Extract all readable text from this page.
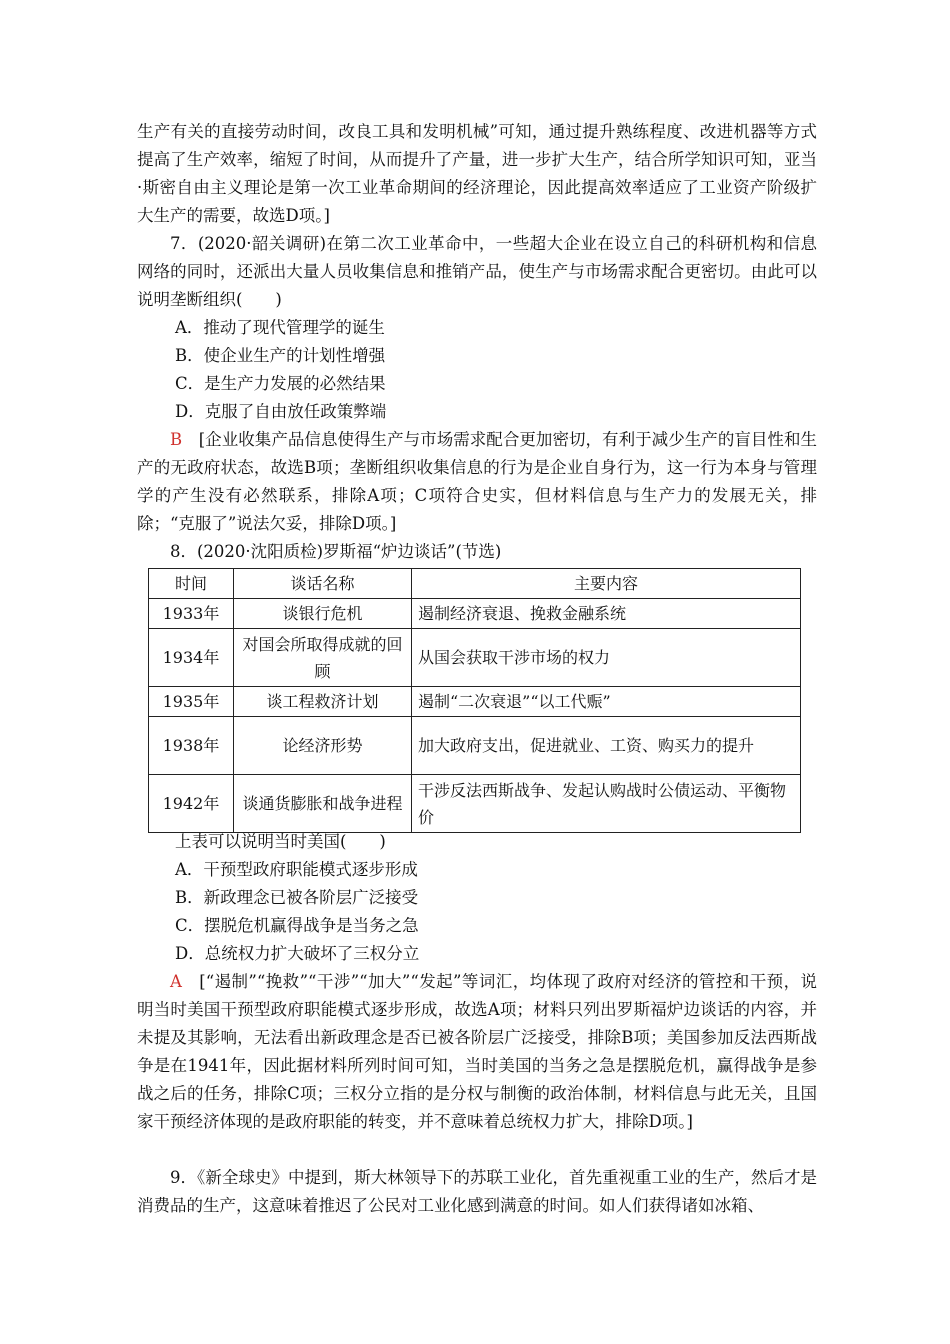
生产有关的直接劳动时间，改良工具和发明机械”可知，通过提升熟练程度、改进机器等方式提高了生产效率，缩短了时间，从而提升了产量，进一步扩大生产，结合所学知识可知，亚当·斯密自由主义理论是第一次工业革命期间的经济理论，因此提高效率适应了工业资产阶级扩大生产的需要，故选D项。]

7．(2020·韶关调研)在第二次工业革命中，一些超大企业在设立自己的科研机构和信息网络的同时，还派出大量人员收集信息和推销产品，使生产与市场需求配合更密切。由此可以说明垄断组织(　　)

A．推动了现代管理学的诞生

B．使企业生产的计划性增强

C．是生产力发展的必然结果

D．克服了自由放任政策弊端

B　[企业收集产品信息使得生产与市场需求配合更加密切，有利于减少生产的盲目性和生产的无政府状态，故选B项；垄断组织收集信息的行为是企业自身行为，这一行为本身与管理学的产生没有必然联系，排除A项；C项符合史实，但材料信息与生产力的发展无关，排除；“克服了”说法欠妥，排除D项。]

8．(2020·沈阳质检)罗斯福“炉边谈话”(节选)

时间	谈话名称	主要内容
1933年	谈银行危机	遏制经济衰退、挽救金融系统
1934年	对国会所取得成就的回顾	从国会获取干涉市场的权力
1935年	谈工程救济计划	遏制“二次衰退”“以工代赈”
1938年	论经济形势	加大政府支出，促进就业、工资、购买力的提升
1942年	谈通货膨胀和战争进程	干涉反法西斯战争、发起认购战时公债运动、平衡物价

上表可以说明当时美国(　　)

A．干预型政府职能模式逐步形成

B．新政理念已被各阶层广泛接受

C．摆脱危机赢得战争是当务之急

D．总统权力扩大破坏了三权分立

A　[“遏制”“挽救”“干涉”“加大”“发起”等词汇，均体现了政府对经济的管控和干预，说明当时美国干预型政府职能模式逐步形成，故选A项；材料只列出罗斯福炉边谈话的内容，并未提及其影响，无法看出新政理念是否已被各阶层广泛接受，排除B项；美国参加反法西斯战争是在1941年，因此据材料所列时间可知，当时美国的当务之急是摆脱危机，赢得战争是参战之后的任务，排除C项；三权分立指的是分权与制衡的政治体制，材料信息与此无关，且国家干预经济体现的是政府职能的转变，并不意味着总统权力扩大，排除D项。]

9．《新全球史》中提到，斯大林领导下的苏联工业化，首先重视重工业的生产，然后才是消费品的生产，这意味着推迟了公民对工业化感到满意的时间。如人们获得诸如冰箱、
